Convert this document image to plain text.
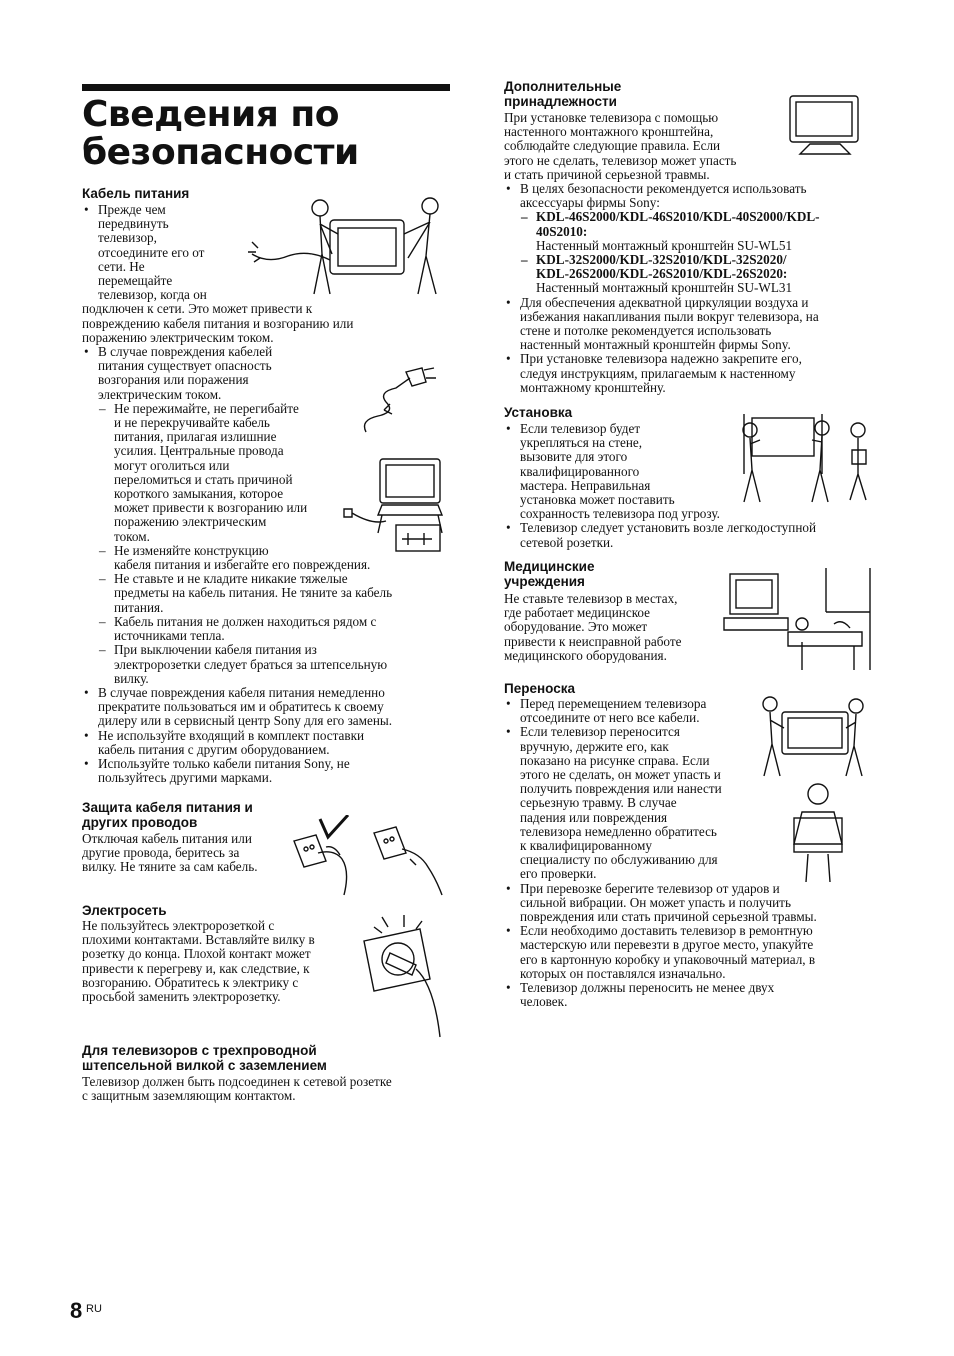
Сведения по безопасности
Кабель питания
• Прежде чем
передвинуть
телевизор,
отсоедините его от
сети. Не
перемещайте
телевизор, когда он
подключен к сети. Это может привести к
повреждению кабеля питания и возгоранию или
поражению электрическим током.
• В случае повреждения кабелей
питания существует опасность
возгорания или поражения
электрическим током.
– Не пережимайте, не перегибайте
и не перекручивайте кабель
питания, прилагая излишние
усилия. Центральные провода
могут оголиться или
переломиться и стать причиной
короткого замыкания, которое
может привести к возгоранию или
поражению электрическим
током.
– Не изменяйте конструкцию
кабеля питания и избегайте его повреждения.
– Не ставьте и не кладите никакие тяжелые
предметы на кабель питания. Не тяните за кабель
питания.
– Кабель питания не должен находиться рядом с
источниками тепла.
– При выключении кабеля питания из
электророзетки следует браться за штепсельную
вилку.
• В случае повреждения кабеля питания немедленно
прекратите пользоваться им и обратитесь к своему
дилеру или в сервисный центр Sony для его замены.
• Не используйте входящий в комплект поставки
кабель питания с другим оборудованием.
• Используйте только кабели питания Sony, не
пользуйтесь другими марками.
Защита кабеля питания и
других проводов
Отключая кабель питания или
другие провода, беритесь за
вилку. Не тяните за сам кабель.
Электросеть
Не пользуйтесь электророзеткой с
плохими контактами. Вставляйте вилку в
розетку до конца. Плохой контакт может
привести к перегреву и, как следствие, к
возгоранию. Обратитесь к электрику с
просьбой заменить электророзетку.
Для телевизоров с трехпроводной
штепсельной вилкой с заземлением
Телевизор должен быть подсоединен к сетевой розетке
с защитным заземляющим контактом.
Дополнительные
принадлежности
При установке телевизора с помощью
настенного монтажного кронштейна,
соблюдайте следующие правила. Если
этого не сделать, телевизор может упасть
и стать причиной серьезной травмы.
• В целях безопасности рекомендуется использовать
аксессуары фирмы Sony:
– KDL-46S2000/KDL-46S2010/KDL-40S2000/KDL-
40S2010:
Настенный монтажный кронштейн SU-WL51
– KDL-32S2000/KDL-32S2010/KDL-32S2020/
KDL-26S2000/KDL-26S2010/KDL-26S2020:
Настенный монтажный кронштейн SU-WL31
• Для обеспечения адекватной циркуляции воздуха и
избежания накапливания пыли вокруг телевизора, на
стене и потолке рекомендуется использовать
настенный монтажный кронштейн фирмы Sony.
• При установке телевизора надежно закрепите его,
следуя инструкциям, прилагаемым к настенному
монтажному кронштейну.
Установка
• Если телевизор будет
укрепляться на стене,
вызовите для этого
квалифицированного
мастера. Неправильная
установка может поставить
сохранность телевизора под угрозу.
• Телевизор следует установить возле легкодоступной
сетевой розетки.
Медицинские
учреждения
Не ставьте телевизор в местах,
где работает медицинское
оборудование. Это может
привести к неисправной работе
медицинского оборудования.
Переноска
• Перед перемещением телевизора
отсоедините от него все кабели.
• Если телевизор переносится
вручную, держите его, как
показано на рисунке справа. Если
этого не сделать, он может упасть и
получить повреждения или нанести
серьезную травму. В случае
падения или повреждения
телевизора немедленно обратитесь
к квалифицированному
специалисту по обслуживанию для
его проверки.
• При перевозке берегите телевизор от ударов и
сильной вибрации. Он может упасть и получить
повреждения или стать причиной серьезной травмы.
• Если необходимо доставить телевизор в ремонтную
мастерскую или перевезти в другое место, упакуйте
его в картонную коробку и упаковочный материал, в
которых он поставлялся изначально.
• Телевизор должны переносить не менее двух
человек.
8 RU
